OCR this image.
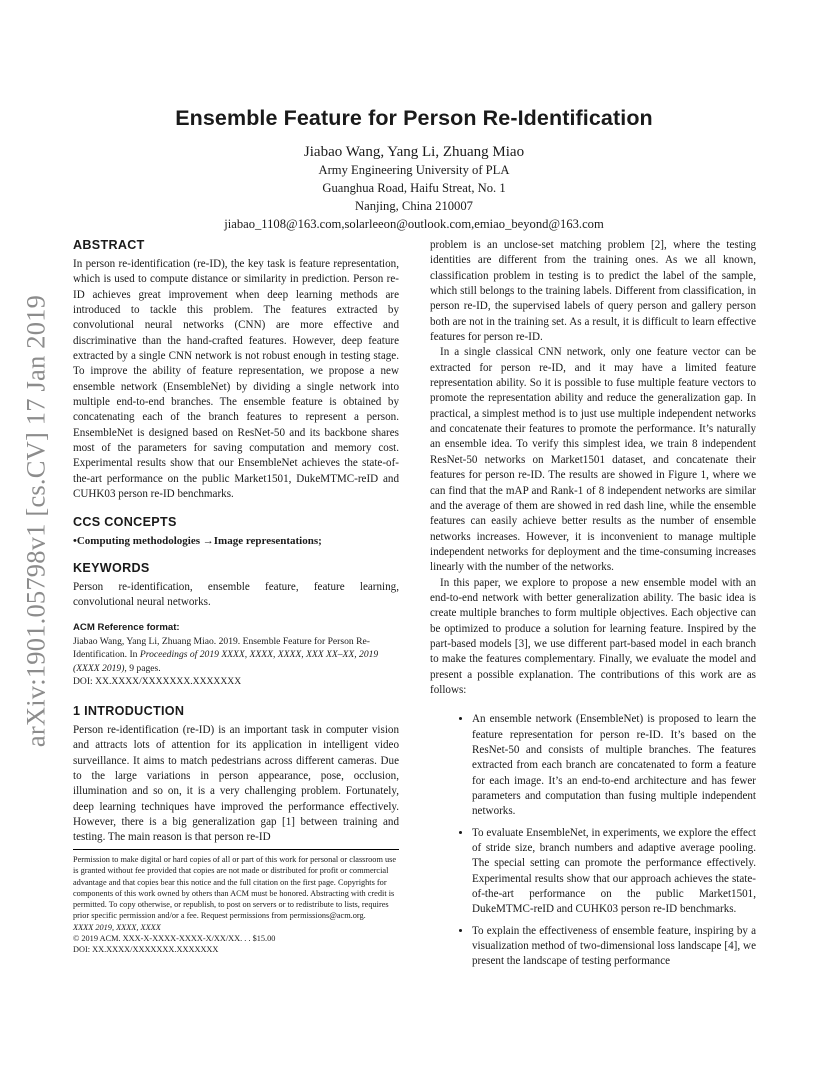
arXiv:1901.05798v1 [cs.CV] 17 Jan 2019
Ensemble Feature for Person Re-Identification
Jiabao Wang, Yang Li, Zhuang Miao
Army Engineering University of PLA
Guanghua Road, Haifu Streat, No. 1
Nanjing, China 210007
jiabao_1108@163.com,solarleeon@outlook.com,emiao_beyond@163.com
ABSTRACT

In person re-identification (re-ID), the key task is feature representation, which is used to compute distance or similarity in prediction. Person re-ID achieves great improvement when deep learning methods are introduced to tackle this problem. The features extracted by convolutional neural networks (CNN) are more effective and discriminative than the hand-crafted features. However, deep feature extracted by a single CNN network is not robust enough in testing stage. To improve the ability of feature representation, we propose a new ensemble network (EnsembleNet) by dividing a single network into multiple end-to-end branches. The ensemble feature is obtained by concatenating each of the branch features to represent a person. EnsembleNet is designed based on ResNet-50 and its backbone shares most of the parameters for saving computation and memory cost. Experimental results show that our EnsembleNet achieves the state-of-the-art performance on the public Market1501, DukeMTMC-reID and CUHK03 person re-ID benchmarks.

CCS CONCEPTS

•Computing methodologies →Image representations;

KEYWORDS

Person re-identification, ensemble feature, feature learning, convolutional neural networks.

ACM Reference format:

Jiabao Wang, Yang Li, Zhuang Miao. 2019. Ensemble Feature for Person Re-Identification. In Proceedings of 2019 XXXX, XXXX, XXXX, XXX XX–XX, 2019 (XXXX 2019), 9 pages.

DOI: XX.XXXX/XXXXXXX.XXXXXXX

1 INTRODUCTION

Person re-identification (re-ID) is an important task in computer vision and attracts lots of attention for its application in intelligent video surveillance. It aims to match pedestrians across different cameras. Due to the large variations in person appearance, pose, occlusion, illumination and so on, it is a very challenging problem. Fortunately, deep learning techniques have improved the performance effectively. However, there is a big generalization gap [1] between training and testing. The main reason is that person re-ID

Permission to make digital or hard copies of all or part of this work for personal or classroom use is granted without fee provided that copies are not made or distributed for profit or commercial advantage and that copies bear this notice and the full citation on the first page. Copyrights for components of this work owned by others than ACM must be honored. Abstracting with credit is permitted. To copy otherwise, or republish, to post on servers or to redistribute to lists, requires prior specific permission and/or a fee. Request permissions from permissions@acm.org.
XXXX 2019, XXXX, XXXX
© 2019 ACM. XXX-X-XXXX-XXXX-X/XX/XX. . . $15.00
DOI: XX.XXXX/XXXXXXX.XXXXXXX

problem is an unclose-set matching problem [2], where the testing identities are different from the training ones. As we all known, classification problem in testing is to predict the label of the sample, which still belongs to the training labels. Different from classification, in person re-ID, the supervised labels of query person and gallery person both are not in the training set. As a result, it is difficult to learn effective features for person re-ID.

In a single classical CNN network, only one feature vector can be extracted for person re-ID, and it may have a limited feature representation ability. So it is possible to fuse multiple feature vectors to promote the representation ability and reduce the generalization gap. In practical, a simplest method is to just use multiple independent networks and concatenate their features to promote the performance. It’s naturally an ensemble idea. To verify this simplest idea, we train 8 independent ResNet-50 networks on Market1501 dataset, and concatenate their features for person re-ID. The results are showed in Figure 1, where we can find that the mAP and Rank-1 of 8 independent networks are similar and the average of them are showed in red dash line, while the ensemble features can easily achieve better results as the number of ensemble networks increases. However, it is inconvenient to manage multiple independent networks for deployment and the time-consuming increases linearly with the number of the networks.

In this paper, we explore to propose a new ensemble model with an end-to-end network with better generalization ability. The basic idea is create multiple branches to form multiple objectives. Each objective can be optimized to produce a solution for learning feature. Inspired by the part-based models [3], we use different part-based model in each branch to make the features complementary. Finally, we evaluate the model and present a possible explanation. The contributions of this work are as follows:

• An ensemble network (EnsembleNet) is proposed to learn the feature representation for person re-ID. It’s based on the ResNet-50 and consists of multiple branches. The features extracted from each branch are concatenated to form a feature for each image. It’s an end-to-end architecture and has fewer parameters and computation than fusing multiple independent networks.
• To evaluate EnsembleNet, in experiments, we explore the effect of stride size, branch numbers and adaptive average pooling. The special setting can promote the performance effectively. Experimental results show that our approach achieves the state-of-the-art performance on the public Market1501, DukeMTMC-reID and CUHK03 person re-ID benchmarks.
• To explain the effectiveness of ensemble feature, inspiring by a visualization method of two-dimensional loss landscape [4], we present the landscape of testing performance
